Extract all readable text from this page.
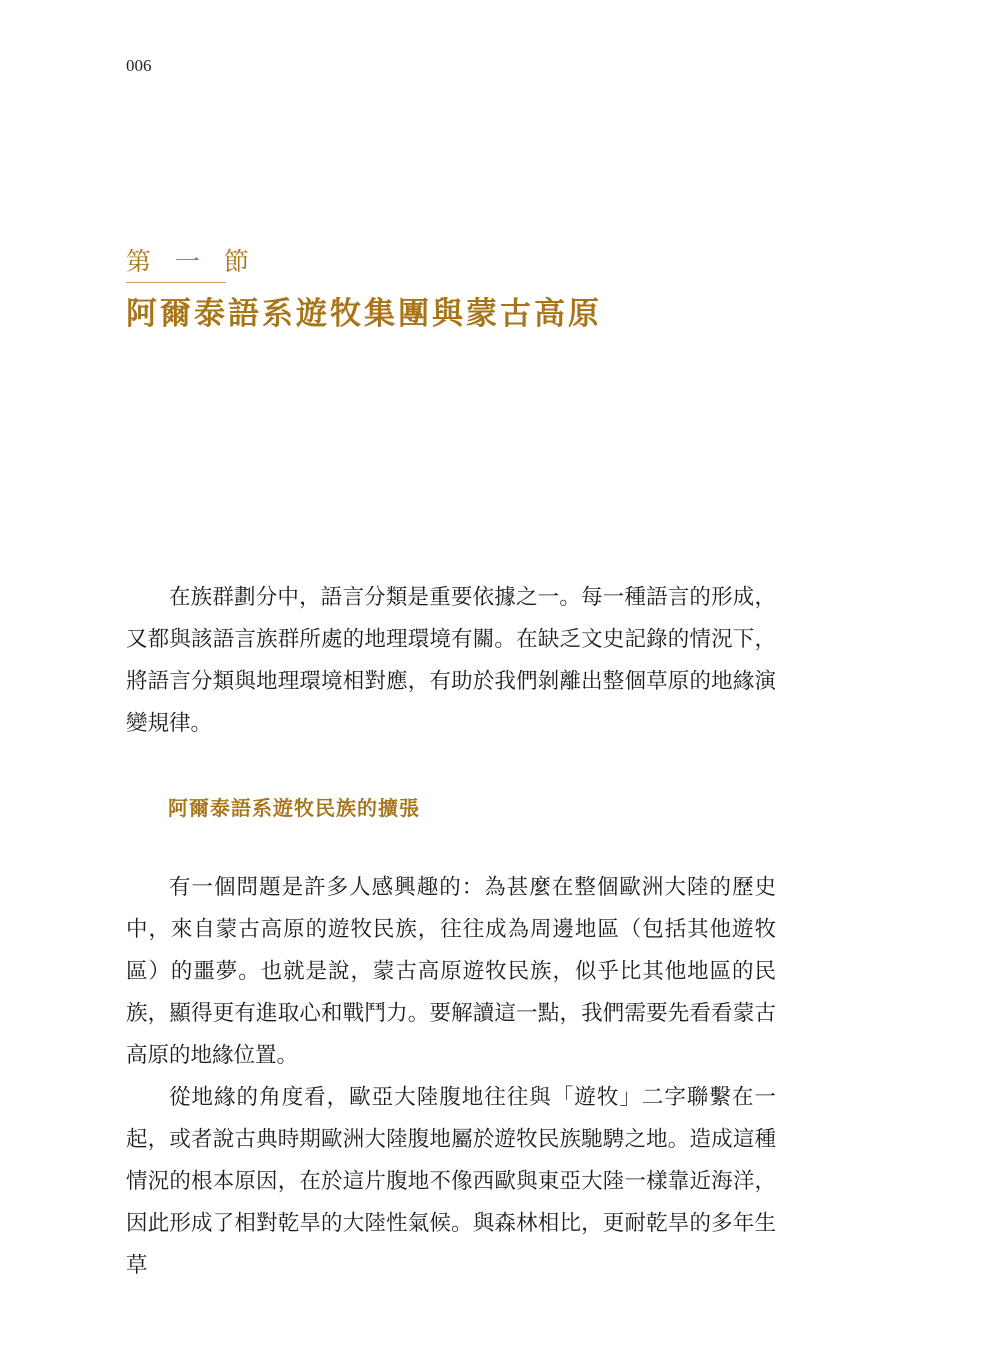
006
第 一 節
阿爾泰語系遊牧集團與蒙古高原

在族群劃分中，語言分類是重要依據之一。每一種語言的形成，又都與該語言族群所處的地理環境有關。在缺乏文史記錄的情況下，將語言分類與地理環境相對應，有助於我們剝離出整個草原的地緣演變規律。

阿爾泰語系遊牧民族的擴張

有一個問題是許多人感興趣的：為甚麼在整個歐洲大陸的歷史中，來自蒙古高原的遊牧民族，往往成為周邊地區（包括其他遊牧區）的噩夢。也就是說，蒙古高原遊牧民族，似乎比其他地區的民族，顯得更有進取心和戰鬥力。要解讀這一點，我們需要先看看蒙古高原的地緣位置。

從地緣的角度看，歐亞大陸腹地往往與「遊牧」二字聯繫在一起，或者說古典時期歐洲大陸腹地屬於遊牧民族馳騁之地。造成這種情況的根本原因，在於這片腹地不像西歐與東亞大陸一樣靠近海洋，因此形成了相對乾旱的大陸性氣候。與森林相比，更耐乾旱的多年生草
